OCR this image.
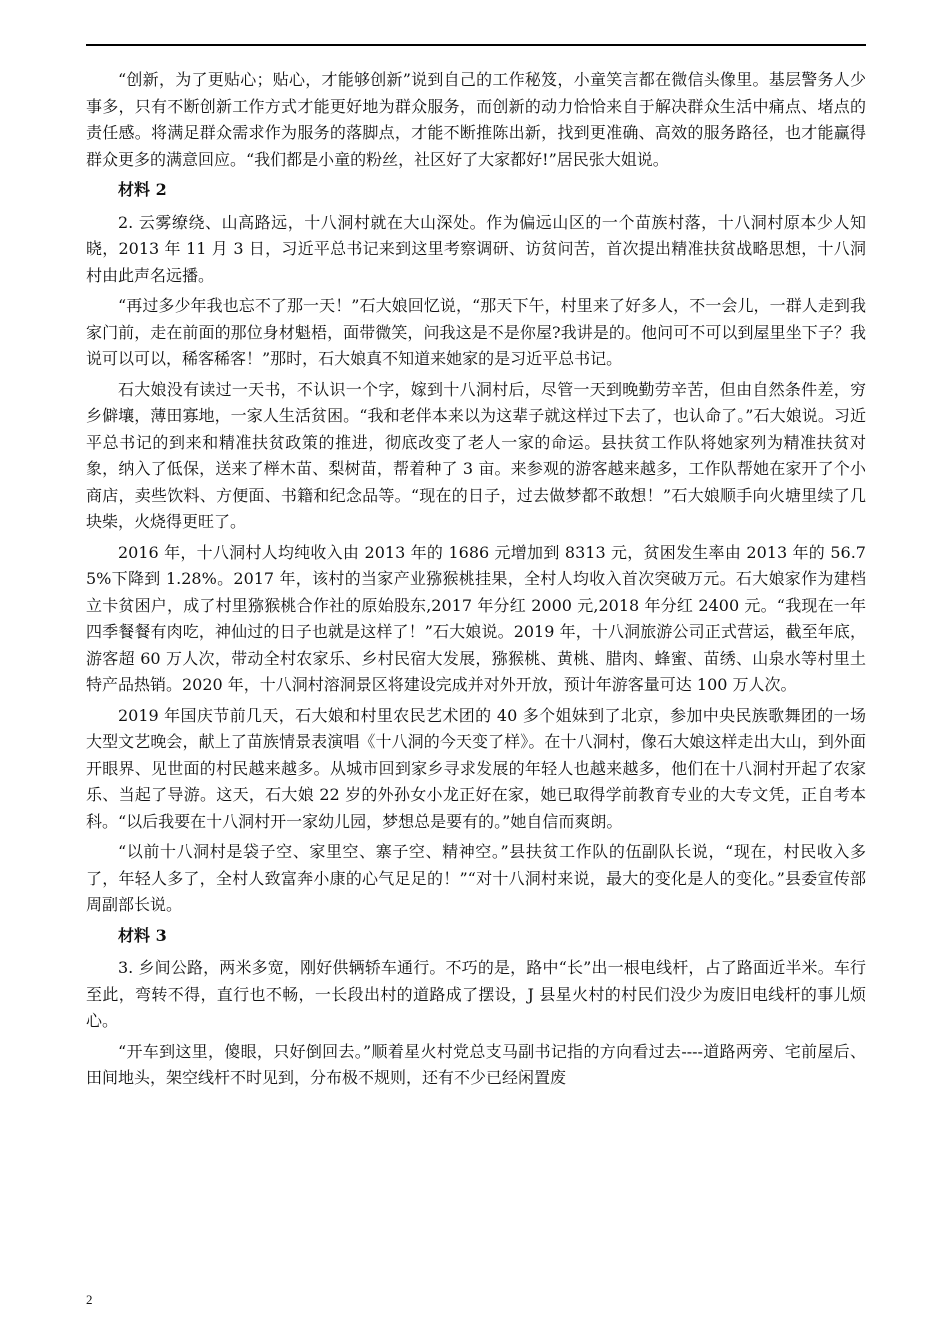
“创新，为了更贴心；贴心，才能够创新”说到自己的工作秘笈，小童笑言都在微信头像里。基层警务人少事多，只有不断创新工作方式才能更好地为群众服务，而创新的动力恰恰来自于解决群众生活中痛点、堵点的责任感。将满足群众需求作为服务的落脚点，才能不断推陈出新，找到更准确、高效的服务路径，也才能赢得群众更多的满意回应。“我们都是小童的粉丝，社区好了大家都好!”居民张大姐说。

材料 2

2. 云雾缭绕、山高路远，十八洞村就在大山深处。作为偏远山区的一个苗族村落，十八洞村原本少人知晓，2013 年 11 月 3 日，习近平总书记来到这里考察调研、访贫问苦，首次提出精准扶贫战略思想，十八洞村由此声名远播。

“再过多少年我也忘不了那一天！”石大娘回忆说，“那天下午，村里来了好多人，不一会儿，一群人走到我家门前，走在前面的那位身材魁梧，面带微笑，问我这是不是你屋?我讲是的。他问可不可以到屋里坐下子？我说可以可以，稀客稀客！”那时，石大娘真不知道来她家的是习近平总书记。

石大娘没有读过一天书，不认识一个字，嫁到十八洞村后，尽管一天到晚勤劳辛苦，但由自然条件差，穷乡僻壤，薄田寡地，一家人生活贫困。“我和老伴本来以为这辈子就这样过下去了，也认命了。”石大娘说。习近平总书记的到来和精准扶贫政策的推进，彻底改变了老人一家的命运。县扶贫工作队将她家列为精准扶贫对象，纳入了低保，送来了榉木苗、梨树苗，帮着种了 3 亩。来参观的游客越来越多，工作队帮她在家开了个小商店，卖些饮料、方便面、书籍和纪念品等。“现在的日子，过去做梦都不敢想！”石大娘顺手向火塘里续了几块柴，火烧得更旺了。

2016 年，十八洞村人均纯收入由 2013 年的 1686 元增加到 8313 元，贫困发生率由 2013 年的 56.75%下降到 1.28%。2017 年，该村的当家产业猕猴桃挂果，全村人均收入首次突破万元。石大娘家作为建档立卡贫困户，成了村里猕猴桃合作社的原始股东,2017 年分红 2000 元,2018 年分红 2400 元。“我现在一年四季餐餐有肉吃，神仙过的日子也就是这样了！”石大娘说。2019 年，十八洞旅游公司正式营运，截至年底，游客超 60 万人次，带动全村农家乐、乡村民宿大发展，猕猴桃、黄桃、腊肉、蜂蜜、苗绣、山泉水等村里土特产品热销。2020 年，十八洞村溶洞景区将建设完成并对外开放，预计年游客量可达 100 万人次。

2019 年国庆节前几天，石大娘和村里农民艺术团的 40 多个姐妹到了北京，参加中央民族歌舞团的一场大型文艺晚会，献上了苗族情景表演唱《十八洞的今天变了样》。在十八洞村，像石大娘这样走出大山，到外面开眼界、见世面的村民越来越多。从城市回到家乡寻求发展的年轻人也越来越多，他们在十八洞村开起了农家乐、当起了导游。这天，石大娘 22 岁的外孙女小龙正好在家，她已取得学前教育专业的大专文凭，正自考本科。“以后我要在十八洞村开一家幼儿园，梦想总是要有的。”她自信而爽朗。

“以前十八洞村是袋子空、家里空、寨子空、精神空。”县扶贫工作队的伍副队长说，“现在，村民收入多了，年轻人多了，全村人致富奔小康的心气足足的！”“对十八洞村来说，最大的变化是人的变化。”县委宣传部周副部长说。

材料 3

3. 乡间公路，两米多宽，刚好供辆轿车通行。不巧的是，路中“长”出一根电线杆，占了路面近半米。车行至此，弯转不得，直行也不畅，一长段出村的道路成了摆设，J 县星火村的村民们没少为废旧电线杆的事儿烦心。

“开车到这里，傻眼，只好倒回去。”顺着星火村党总支马副书记指的方向看过去----道路两旁、宅前屋后、田间地头，架空线杆不时见到，分布极不规则，还有不少已经闲置废

2
